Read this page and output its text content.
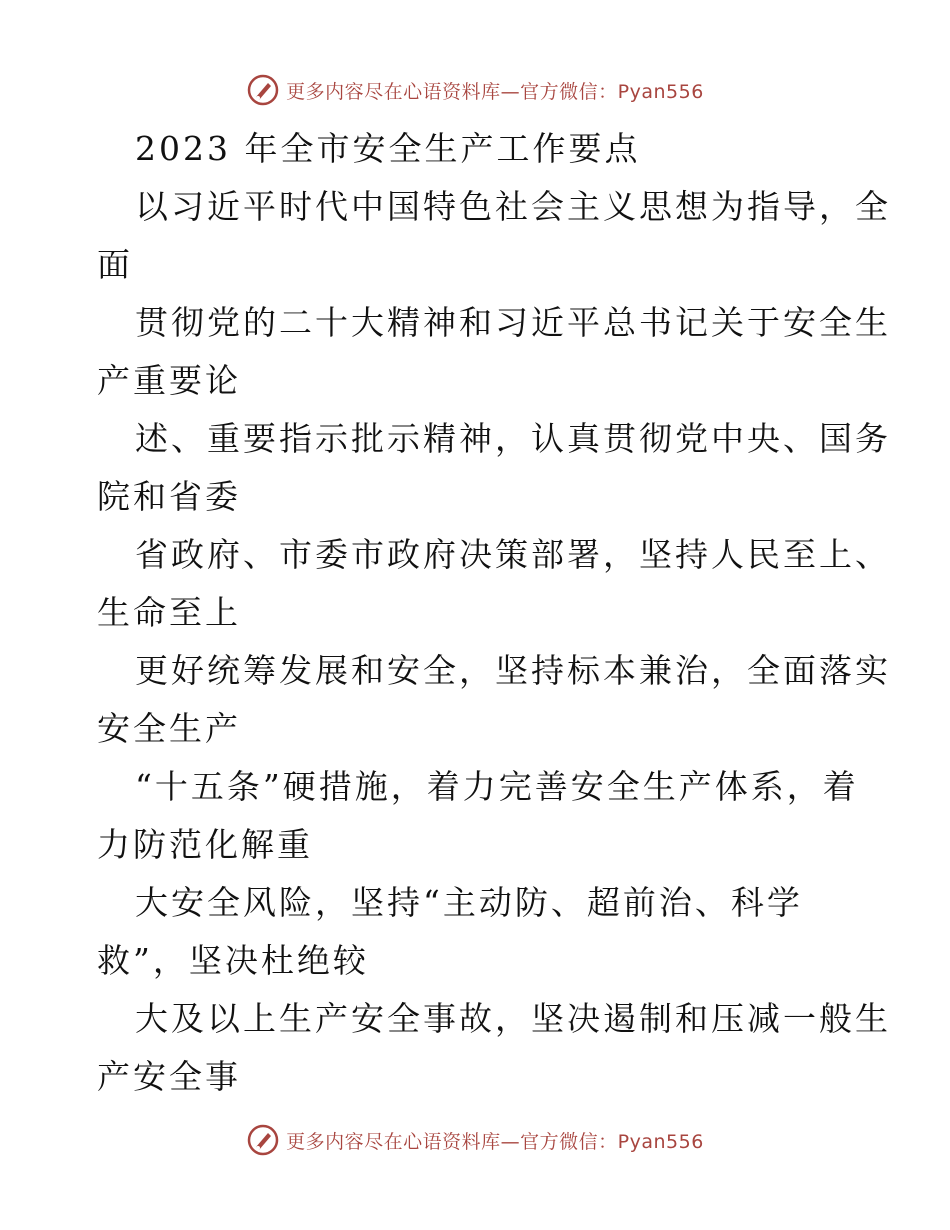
更多内容尽在心语资料库—官方微信：Pyan556
2023 年全市安全生产工作要点
以习近平时代中国特色社会主义思想为指导，全
面
贯彻党的二十大精神和习近平总书记关于安全生
产重要论
述、重要指示批示精神，认真贯彻党中央、国务
院和省委
省政府、市委市政府决策部署，坚持人民至上、
生命至上
更好统筹发展和安全，坚持标本兼治，全面落实
安全生产
“十五条”硬措施，着力完善安全生产体系，着
力防范化解重
大安全风险，坚持“主动防、超前治、科学
救”，坚决杜绝较
大及以上生产安全事故，坚决遏制和压减一般生
产安全事
更多内容尽在心语资料库—官方微信：Pyan556
